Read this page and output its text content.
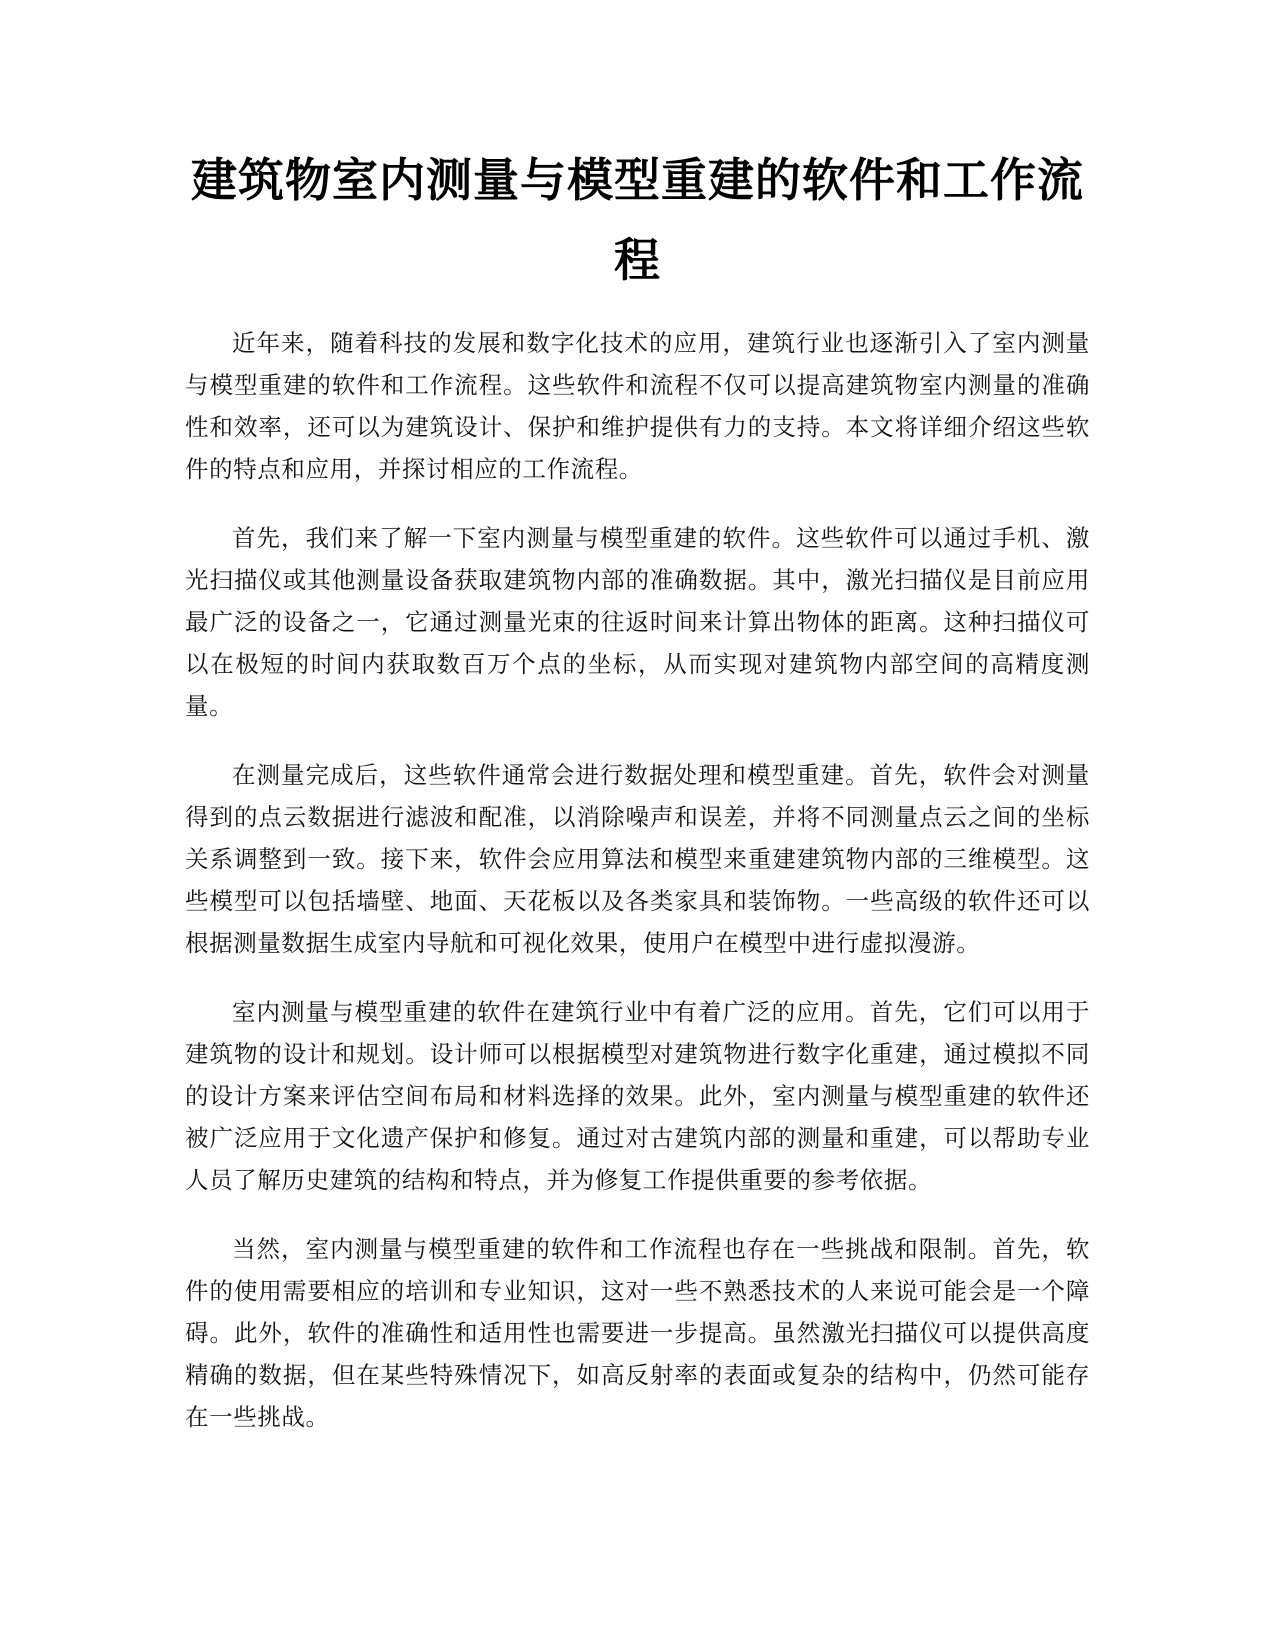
建筑物室内测量与模型重建的软件和工作流程

近年来，随着科技的发展和数字化技术的应用，建筑行业也逐渐引入了室内测量与模型重建的软件和工作流程。这些软件和流程不仅可以提高建筑物室内测量的准确性和效率，还可以为建筑设计、保护和维护提供有力的支持。本文将详细介绍这些软件的特点和应用，并探讨相应的工作流程。

首先，我们来了解一下室内测量与模型重建的软件。这些软件可以通过手机、激光扫描仪或其他测量设备获取建筑物内部的准确数据。其中，激光扫描仪是目前应用最广泛的设备之一，它通过测量光束的往返时间来计算出物体的距离。这种扫描仪可以在极短的时间内获取数百万个点的坐标，从而实现对建筑物内部空间的高精度测量。

在测量完成后，这些软件通常会进行数据处理和模型重建。首先，软件会对测量得到的点云数据进行滤波和配准，以消除噪声和误差，并将不同测量点云之间的坐标关系调整到一致。接下来，软件会应用算法和模型来重建建筑物内部的三维模型。这些模型可以包括墙壁、地面、天花板以及各类家具和装饰物。一些高级的软件还可以根据测量数据生成室内导航和可视化效果，使用户在模型中进行虚拟漫游。

室内测量与模型重建的软件在建筑行业中有着广泛的应用。首先，它们可以用于建筑物的设计和规划。设计师可以根据模型对建筑物进行数字化重建，通过模拟不同的设计方案来评估空间布局和材料选择的效果。此外，室内测量与模型重建的软件还被广泛应用于文化遗产保护和修复。通过对古建筑内部的测量和重建，可以帮助专业人员了解历史建筑的结构和特点，并为修复工作提供重要的参考依据。

当然，室内测量与模型重建的软件和工作流程也存在一些挑战和限制。首先，软件的使用需要相应的培训和专业知识，这对一些不熟悉技术的人来说可能会是一个障碍。此外，软件的准确性和适用性也需要进一步提高。虽然激光扫描仪可以提供高度精确的数据，但在某些特殊情况下，如高反射率的表面或复杂的结构中，仍然可能存在一些挑战。
